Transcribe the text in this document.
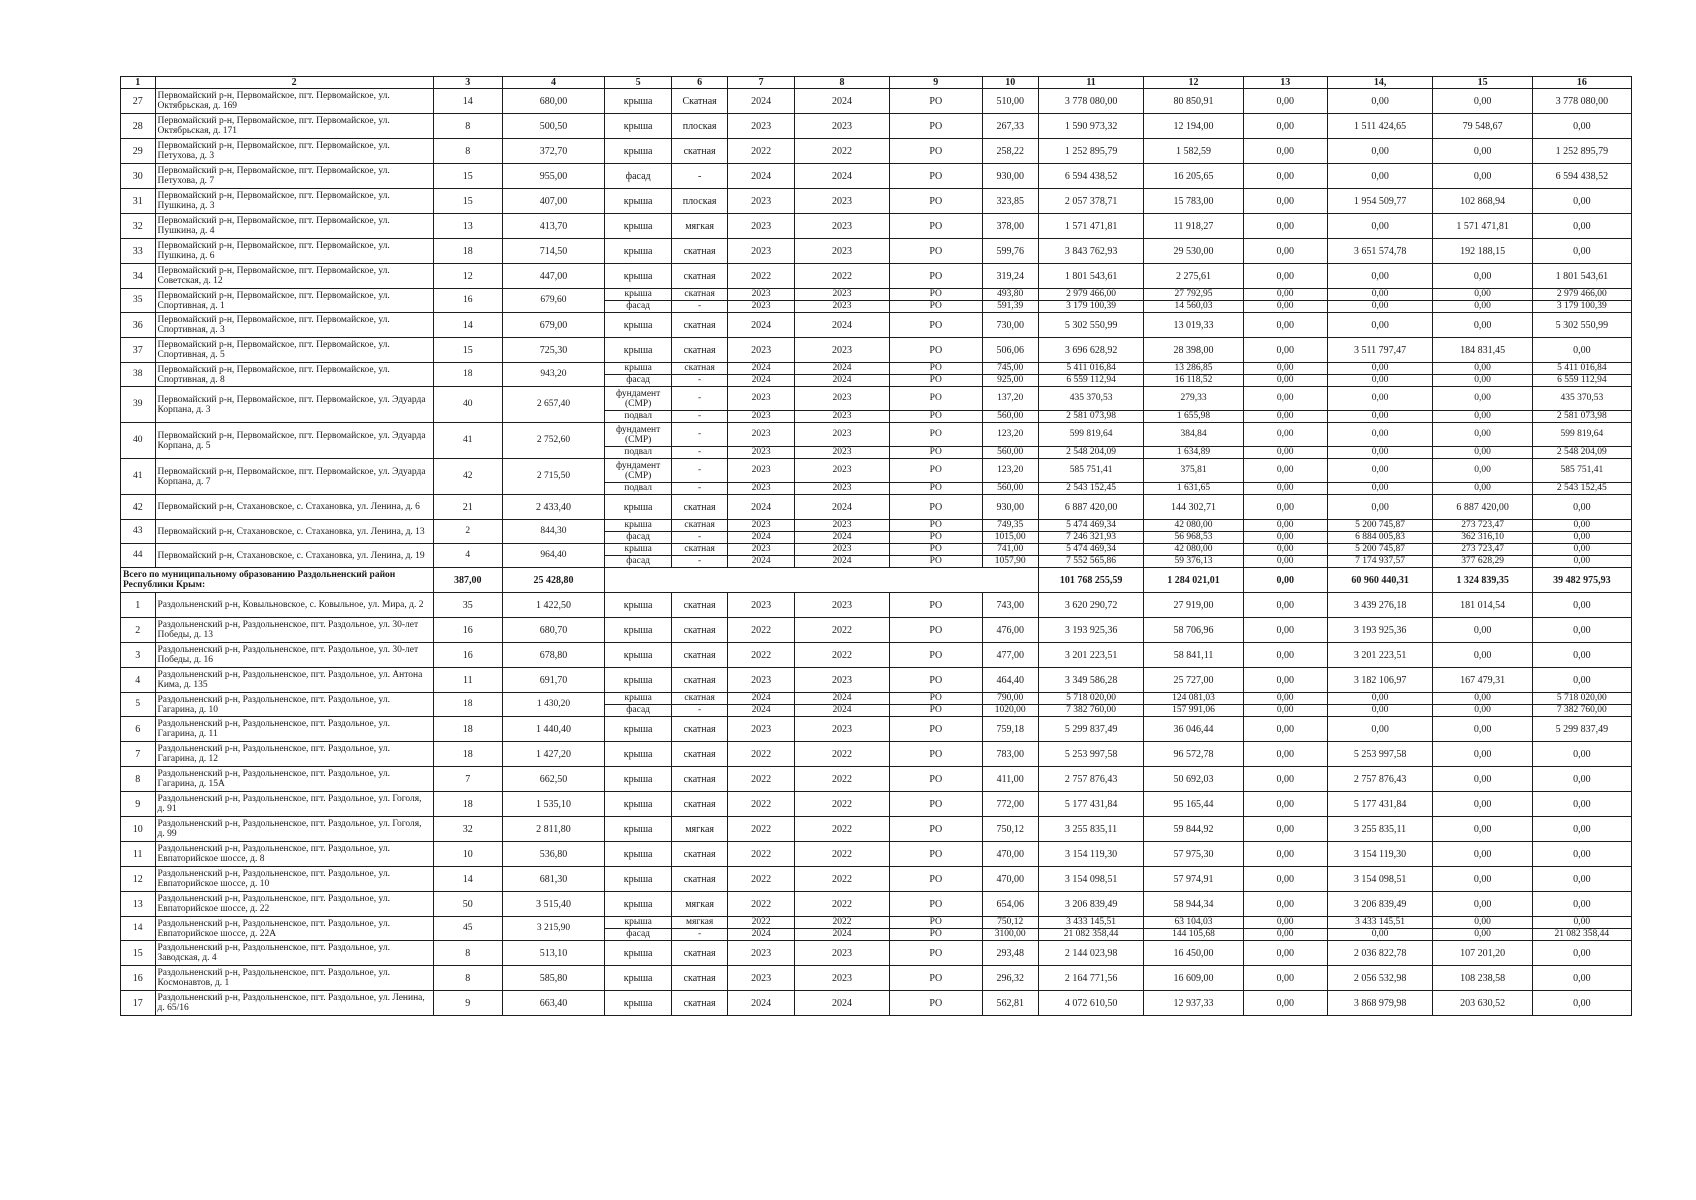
1	2	3	4	5	6	7	8	9	10	11	12	13	14,	15	16
27	Первомайский р-н, Первомайское, пгт. Первомайское, ул. Октябрьская, д. 169	14	680,00	крыша	Скатная	2024	2024	РО	510,00	3 778 080,00	80 850,91	0,00	0,00	0,00	3 778 080,00
28	Первомайский р-н, Первомайское, пгт. Первомайское, ул. Октябрьская, д. 171	8	500,50	крыша	плоская	2023	2023	РО	267,33	1 590 973,32	12 194,00	0,00	1 511 424,65	79 548,67	0,00
29	Первомайский р-н, Первомайское, пгт. Первомайское, ул. Петухова, д. 3	8	372,70	крыша	скатная	2022	2022	РО	258,22	1 252 895,79	1 582,59	0,00	0,00	0,00	1 252 895,79
30	Первомайский р-н, Первомайское, пгт. Первомайское, ул. Петухова, д. 7	15	955,00	фасад	-	2024	2024	РО	930,00	6 594 438,52	16 205,65	0,00	0,00	0,00	6 594 438,52
31	Первомайский р-н, Первомайское, пгт. Первомайское, ул. Пушкина, д. 3	15	407,00	крыша	плоская	2023	2023	РО	323,85	2 057 378,71	15 783,00	0,00	1 954 509,77	102 868,94	0,00
32	Первомайский р-н, Первомайское, пгт. Первомайское, ул. Пушкина, д. 4	13	413,70	крыша	мягкая	2023	2023	РО	378,00	1 571 471,81	11 918,27	0,00	0,00	1 571 471,81	0,00
33	Первомайский р-н, Первомайское, пгт. Первомайское, ул. Пушкина, д. 6	18	714,50	крыша	скатная	2023	2023	РО	599,76	3 843 762,93	29 530,00	0,00	3 651 574,78	192 188,15	0,00
34	Первомайский р-н, Первомайское, пгт. Первомайское, ул. Советская, д. 12	12	447,00	крыша	скатная	2022	2022	РО	319,24	1 801 543,61	2 275,61	0,00	0,00	0,00	1 801 543,61
35	Первомайский р-н, Первомайское, пгт. Первомайское, ул. Спортивная, д. 1	16	679,60	крыша	скатная	2023	2023	РО	493,80	2 979 466,00	27 792,95	0,00	0,00	0,00	2 979 466,00
				фасад	-	2023	2023	РО	591,39	3 179 100,39	14 560,03	0,00	0,00	0,00	3 179 100,39
36	Первомайский р-н, Первомайское, пгт. Первомайское, ул. Спортивная, д. 3	14	679,00	крыша	скатная	2024	2024	РО	730,00	5 302 550,99	13 019,33	0,00	0,00	0,00	5 302 550,99
37	Первомайский р-н, Первомайское, пгт. Первомайское, ул. Спортивная, д. 5	15	725,30	крыша	скатная	2023	2023	РО	506,06	3 696 628,92	28 398,00	0,00	3 511 797,47	184 831,45	0,00
38	Первомайский р-н, Первомайское, пгт. Первомайское, ул. Спортивная, д. 8	18	943,20	крыша	скатная	2024	2024	РО	745,00	5 411 016,84	13 286,85	0,00	0,00	0,00	5 411 016,84
				фасад	-	2024	2024	РО	925,00	6 559 112,94	16 118,52	0,00	0,00	0,00	6 559 112,94
39	Первомайский р-н, Первомайское, пгт. Первомайское, ул. Эдуарда Корпана, д. 3	40	2 657,40	фундамент (СМР)	-	2023	2023	РО	137,20	435 370,53	279,33	0,00	0,00	0,00	435 370,53
				подвал	-	2023	2023	РО	560,00	2 581 073,98	1 655,98	0,00	0,00	0,00	2 581 073,98
40	Первомайский р-н, Первомайское, пгт. Первомайское, ул. Эдуарда Корпана, д. 5	41	2 752,60	фундамент (СМР)	-	2023	2023	РО	123,20	599 819,64	384,84	0,00	0,00	0,00	599 819,64
				подвал	-	2023	2023	РО	560,00	2 548 204,09	1 634,89	0,00	0,00	0,00	2 548 204,09
41	Первомайский р-н, Первомайское, пгт. Первомайское, ул. Эдуарда Корпана, д. 7	42	2 715,50	фундамент (СМР)	-	2023	2023	РО	123,20	585 751,41	375,81	0,00	0,00	0,00	585 751,41
				подвал	-	2023	2023	РО	560,00	2 543 152,45	1 631,65	0,00	0,00	0,00	2 543 152,45
42	Первомайский р-н, Стахановское, с. Стахановка, ул. Ленина, д. 6	21	2 433,40	крыша	скатная	2024	2024	РО	930,00	6 887 420,00	144 302,71	0,00	0,00	6 887 420,00	0,00
43	Первомайский р-н, Стахановское, с. Стахановка, ул. Ленина, д. 13	2	844,30	крыша	скатная	2023	2023	РО	749,35	5 474 469,34	42 080,00	0,00	5 200 745,87	273 723,47	0,00
				фасад	-	2024	2024	РО	1015,00	7 246 321,93	56 968,53	0,00	6 884 005,83	362 316,10	0,00
44	Первомайский р-н, Стахановское, с. Стахановка, ул. Ленина, д. 19	4	964,40	крыша	скатная	2023	2023	РО	741,00	5 474 469,34	42 080,00	0,00	5 200 745,87	273 723,47	0,00
				фасад	-	2024	2024	РО	1057,90	7 552 565,86	59 376,13	0,00	7 174 937,57	377 628,29	0,00
Всего по муниципальному образованию Раздольненский район Республики Крым:		387,00	25 428,80							101 768 255,59	1 284 021,01	0,00	60 960 440,31	1 324 839,35	39 482 975,93
1	Раздольненский р-н, Ковыльновское, с. Ковыльное, ул. Мира, д. 2	35	1 422,50	крыша	скатная	2023	2023	РО	743,00	3 620 290,72	27 919,00	0,00	3 439 276,18	181 014,54	0,00
2	Раздольненский р-н, Раздольненское, пгт. Раздольное, ул. 30-лет Победы, д. 13	16	680,70	крыша	скатная	2022	2022	РО	476,00	3 193 925,36	58 706,96	0,00	3 193 925,36	0,00	0,00
3	Раздольненский р-н, Раздольненское, пгт. Раздольное, ул. 30-лет Победы, д. 16	16	678,80	крыша	скатная	2022	2022	РО	477,00	3 201 223,51	58 841,11	0,00	3 201 223,51	0,00	0,00
4	Раздольненский р-н, Раздольненское, пгт. Раздольное, ул. Антона Кима, д. 135	11	691,70	крыша	скатная	2023	2023	РО	464,40	3 349 586,28	25 727,00	0,00	3 182 106,97	167 479,31	0,00
5	Раздольненский р-н, Раздольненское, пгт. Раздольное, ул. Гагарина, д. 10	18	1 430,20	крыша	скатная	2024	2024	РО	790,00	5 718 020,00	124 081,03	0,00	0,00	0,00	5 718 020,00
				фасад	-	2024	2024	РО	1020,00	7 382 760,00	157 991,06	0,00	0,00	0,00	7 382 760,00
6	Раздольненский р-н, Раздольненское, пгт. Раздольное, ул. Гагарина, д. 11	18	1 440,40	крыша	скатная	2023	2023	РО	759,18	5 299 837,49	36 046,44	0,00	0,00	0,00	5 299 837,49
7	Раздольненский р-н, Раздольненское, пгт. Раздольное, ул. Гагарина, д. 12	18	1 427,20	крыша	скатная	2022	2022	РО	783,00	5 253 997,58	96 572,78	0,00	5 253 997,58	0,00	0,00
8	Раздольненский р-н, Раздольненское, пгт. Раздольное, ул. Гагарина, д. 15А	7	662,50	крыша	скатная	2022	2022	РО	411,00	2 757 876,43	50 692,03	0,00	2 757 876,43	0,00	0,00
9	Раздольненский р-н, Раздольненское, пгт. Раздольное, ул. Гоголя, д. 91	18	1 535,10	крыша	скатная	2022	2022	РО	772,00	5 177 431,84	95 165,44	0,00	5 177 431,84	0,00	0,00
10	Раздольненский р-н, Раздольненское, пгт. Раздольное, ул. Гоголя, д. 99	32	2 811,80	крыша	мягкая	2022	2022	РО	750,12	3 255 835,11	59 844,92	0,00	3 255 835,11	0,00	0,00
11	Раздольненский р-н, Раздольненское, пгт. Раздольное, ул. Евпаторийское шоссе, д. 8	10	536,80	крыша	скатная	2022	2022	РО	470,00	3 154 119,30	57 975,30	0,00	3 154 119,30	0,00	0,00
12	Раздольненский р-н, Раздольненское, пгт. Раздольное, ул. Евпаторийское шоссе, д. 10	14	681,30	крыша	скатная	2022	2022	РО	470,00	3 154 098,51	57 974,91	0,00	3 154 098,51	0,00	0,00
13	Раздольненский р-н, Раздольненское, пгт. Раздольное, ул. Евпаторийское шоссе, д. 22	50	3 515,40	крыша	мягкая	2022	2022	РО	654,06	3 206 839,49	58 944,34	0,00	3 206 839,49	0,00	0,00
14	Раздольненский р-н, Раздольненское, пгт. Раздольное, ул. Евпаторийское шоссе, д. 22А	45	3 215,90	крыша	мягкая	2022	2022	РО	750,12	3 433 145,51	63 104,03	0,00	3 433 145,51	0,00	0,00
				фасад	-	2024	2024	РО	3100,00	21 082 358,44	144 105,68	0,00	0,00	0,00	21 082 358,44
15	Раздольненский р-н, Раздольненское, пгт. Раздольное, ул. Заводская, д. 4	8	513,10	крыша	скатная	2023	2023	РО	293,48	2 144 023,98	16 450,00	0,00	2 036 822,78	107 201,20	0,00
16	Раздольненский р-н, Раздольненское, пгт. Раздольное, ул. Космонавтов, д. 1	8	585,80	крыша	скатная	2023	2023	РО	296,32	2 164 771,56	16 609,00	0,00	2 056 532,98	108 238,58	0,00
17	Раздольненский р-н, Раздольненское, пгт. Раздольное, ул. Ленина, д. 65/16	9	663,40	крыша	скатная	2024	2024	РО	562,81	4 072 610,50	12 937,33	0,00	3 868 979,98	203 630,52	0,00
